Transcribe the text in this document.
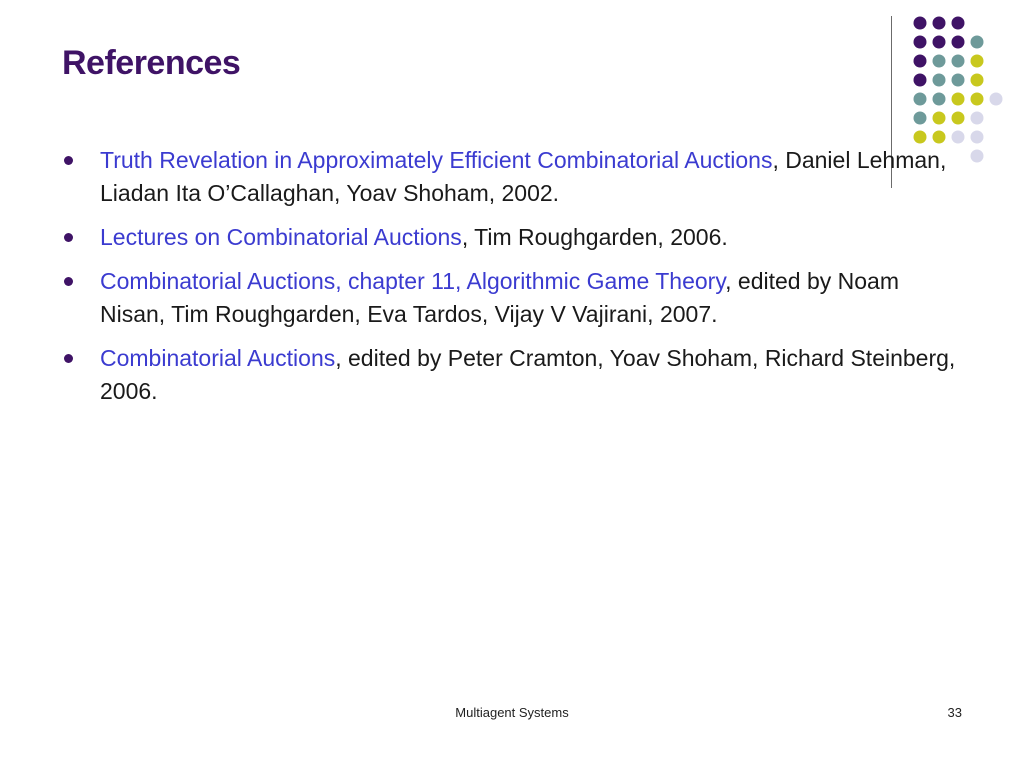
References
Truth Revelation in Approximately Efficient Combinatorial Auctions, Daniel Lehman, Liadan Ita O’Callaghan, Yoav Shoham, 2002.
Lectures on Combinatorial Auctions, Tim Roughgarden, 2006.
Combinatorial Auctions, chapter 11, Algorithmic Game Theory, edited by Noam Nisan, Tim Roughgarden, Eva Tardos, Vijay V Vajirani, 2007.
Combinatorial Auctions, edited by Peter Cramton, Yoav Shoham, Richard Steinberg, 2006.
Multiagent Systems	33
